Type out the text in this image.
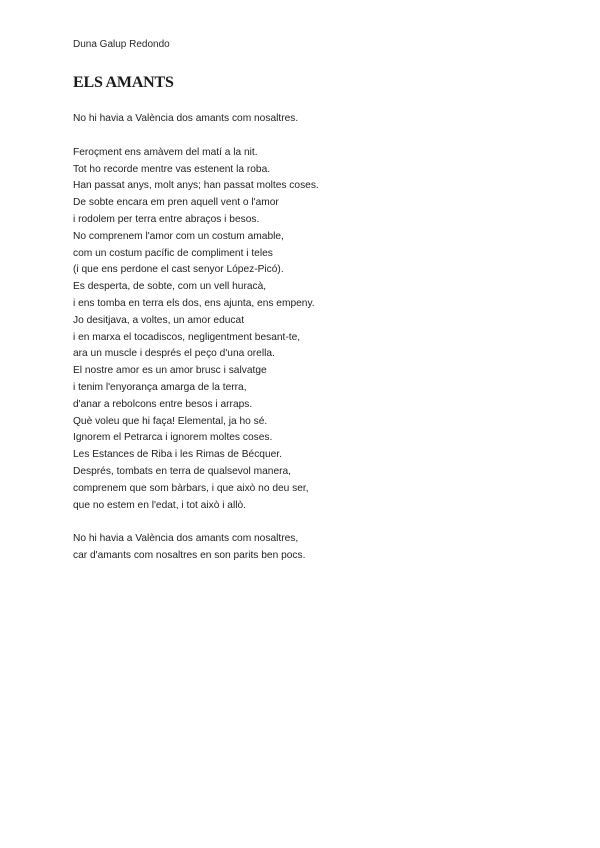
Duna Galup Redondo
ELS AMANTS
No hi havia a València dos amants com nosaltres.
Feroçment ens amàvem del matí a la nit.
Tot ho recorde mentre vas estenent la roba.
Han passat anys, molt anys; han passat moltes coses.
De sobte encara em pren aquell vent o l'amor
i rodolem per terra entre abraços i besos.
No comprenem l'amor com un costum amable,
com un costum pacífic de compliment i teles
(i que ens perdone el cast senyor López-Picó).
Es desperta, de sobte, com un vell huracà,
i ens tomba en terra els dos, ens ajunta, ens empeny.
Jo desitjava, a voltes, un amor educat
i en marxa el tocadiscos, negligentment besant-te,
ara un muscle i després el peço d'una orella.
El nostre amor es un amor brusc i salvatge
i tenim l'enyorança amarga de la terra,
d'anar a rebolcons entre besos i arraps.
Què voleu que hi faça! Elemental, ja ho sé.
Ignorem el Petrarca i ignorem moltes coses.
Les Estances de Riba i les Rimas de Bécquer.
Després, tombats en terra de qualsevol manera,
comprenem que som bàrbars, i que això no deu ser,
que no estem en l'edat, i tot això i allò.
No hi havia a València dos amants com nosaltres,
car d'amants com nosaltres en son parits ben pocs.
